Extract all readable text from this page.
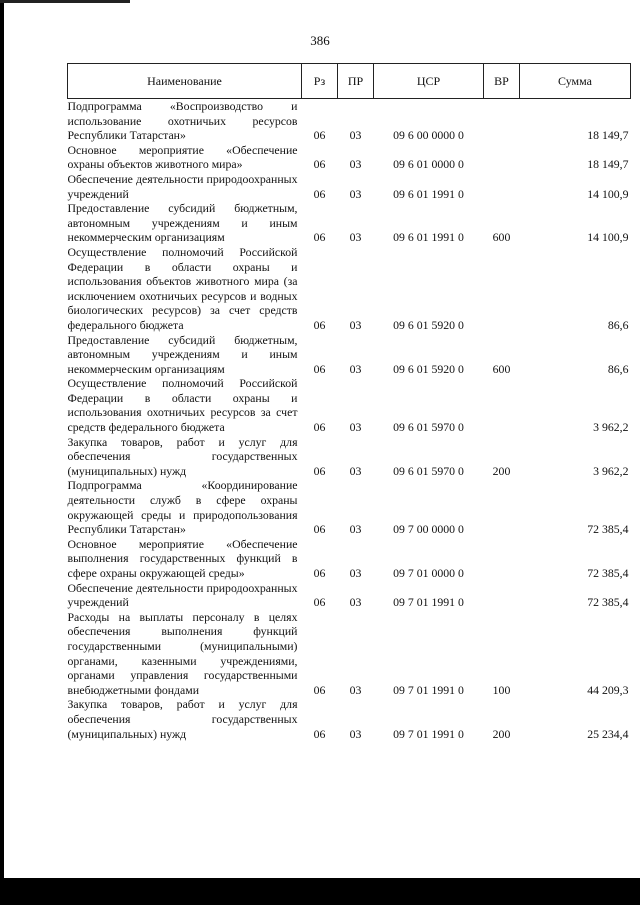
386
Наименование	Рз	ПР	ЦСР	ВР	Сумма
Подпрограмма «Воспроизводство и использование охотничьих ресурсов Республики Татарстан»	06	03	09 6 00 0000 0		18 149,7
Основное мероприятие «Обеспечение охраны объектов животного мира»	06	03	09 6 01 0000 0		18 149,7
Обеспечение деятельности природоохранных учреждений	06	03	09 6 01 1991 0		14 100,9
Предоставление субсидий бюджетным, автономным учреждениям и иным некоммерческим организациям	06	03	09 6 01 1991 0	600	14 100,9
Осуществление полномочий Российской Федерации в области охраны и использования объектов животного мира (за исключением охотничьих ресурсов и водных биологических ресурсов) за счет средств федерального бюджета	06	03	09 6 01 5920 0		86,6
Предоставление субсидий бюджетным, автономным учреждениям и иным некоммерческим организациям	06	03	09 6 01 5920 0	600	86,6
Осуществление полномочий Российской Федерации в области охраны и использования охотничьих ресурсов за счет средств федерального бюджета	06	03	09 6 01 5970 0		3 962,2
Закупка товаров, работ и услуг для обеспечения государственных (муниципальных) нужд	06	03	09 6 01 5970 0	200	3 962,2
Подпрограмма «Координирование деятельности служб в сфере охраны окружающей среды и природопользования Республики Татарстан»	06	03	09 7 00 0000 0		72 385,4
Основное мероприятие «Обеспечение выполнения государственных функций в сфере охраны окружающей среды»	06	03	09 7 01 0000 0		72 385,4
Обеспечение деятельности природоохранных учреждений	06	03	09 7 01 1991 0		72 385,4
Расходы на выплаты персоналу в целях обеспечения выполнения функций государственными (муниципальными) органами, казенными учреждениями, органами управления государственными внебюджетными фондами	06	03	09 7 01 1991 0	100	44 209,3
Закупка товаров, работ и услуг для обеспечения государственных (муниципальных) нужд	06	03	09 7 01 1991 0	200	25 234,4
